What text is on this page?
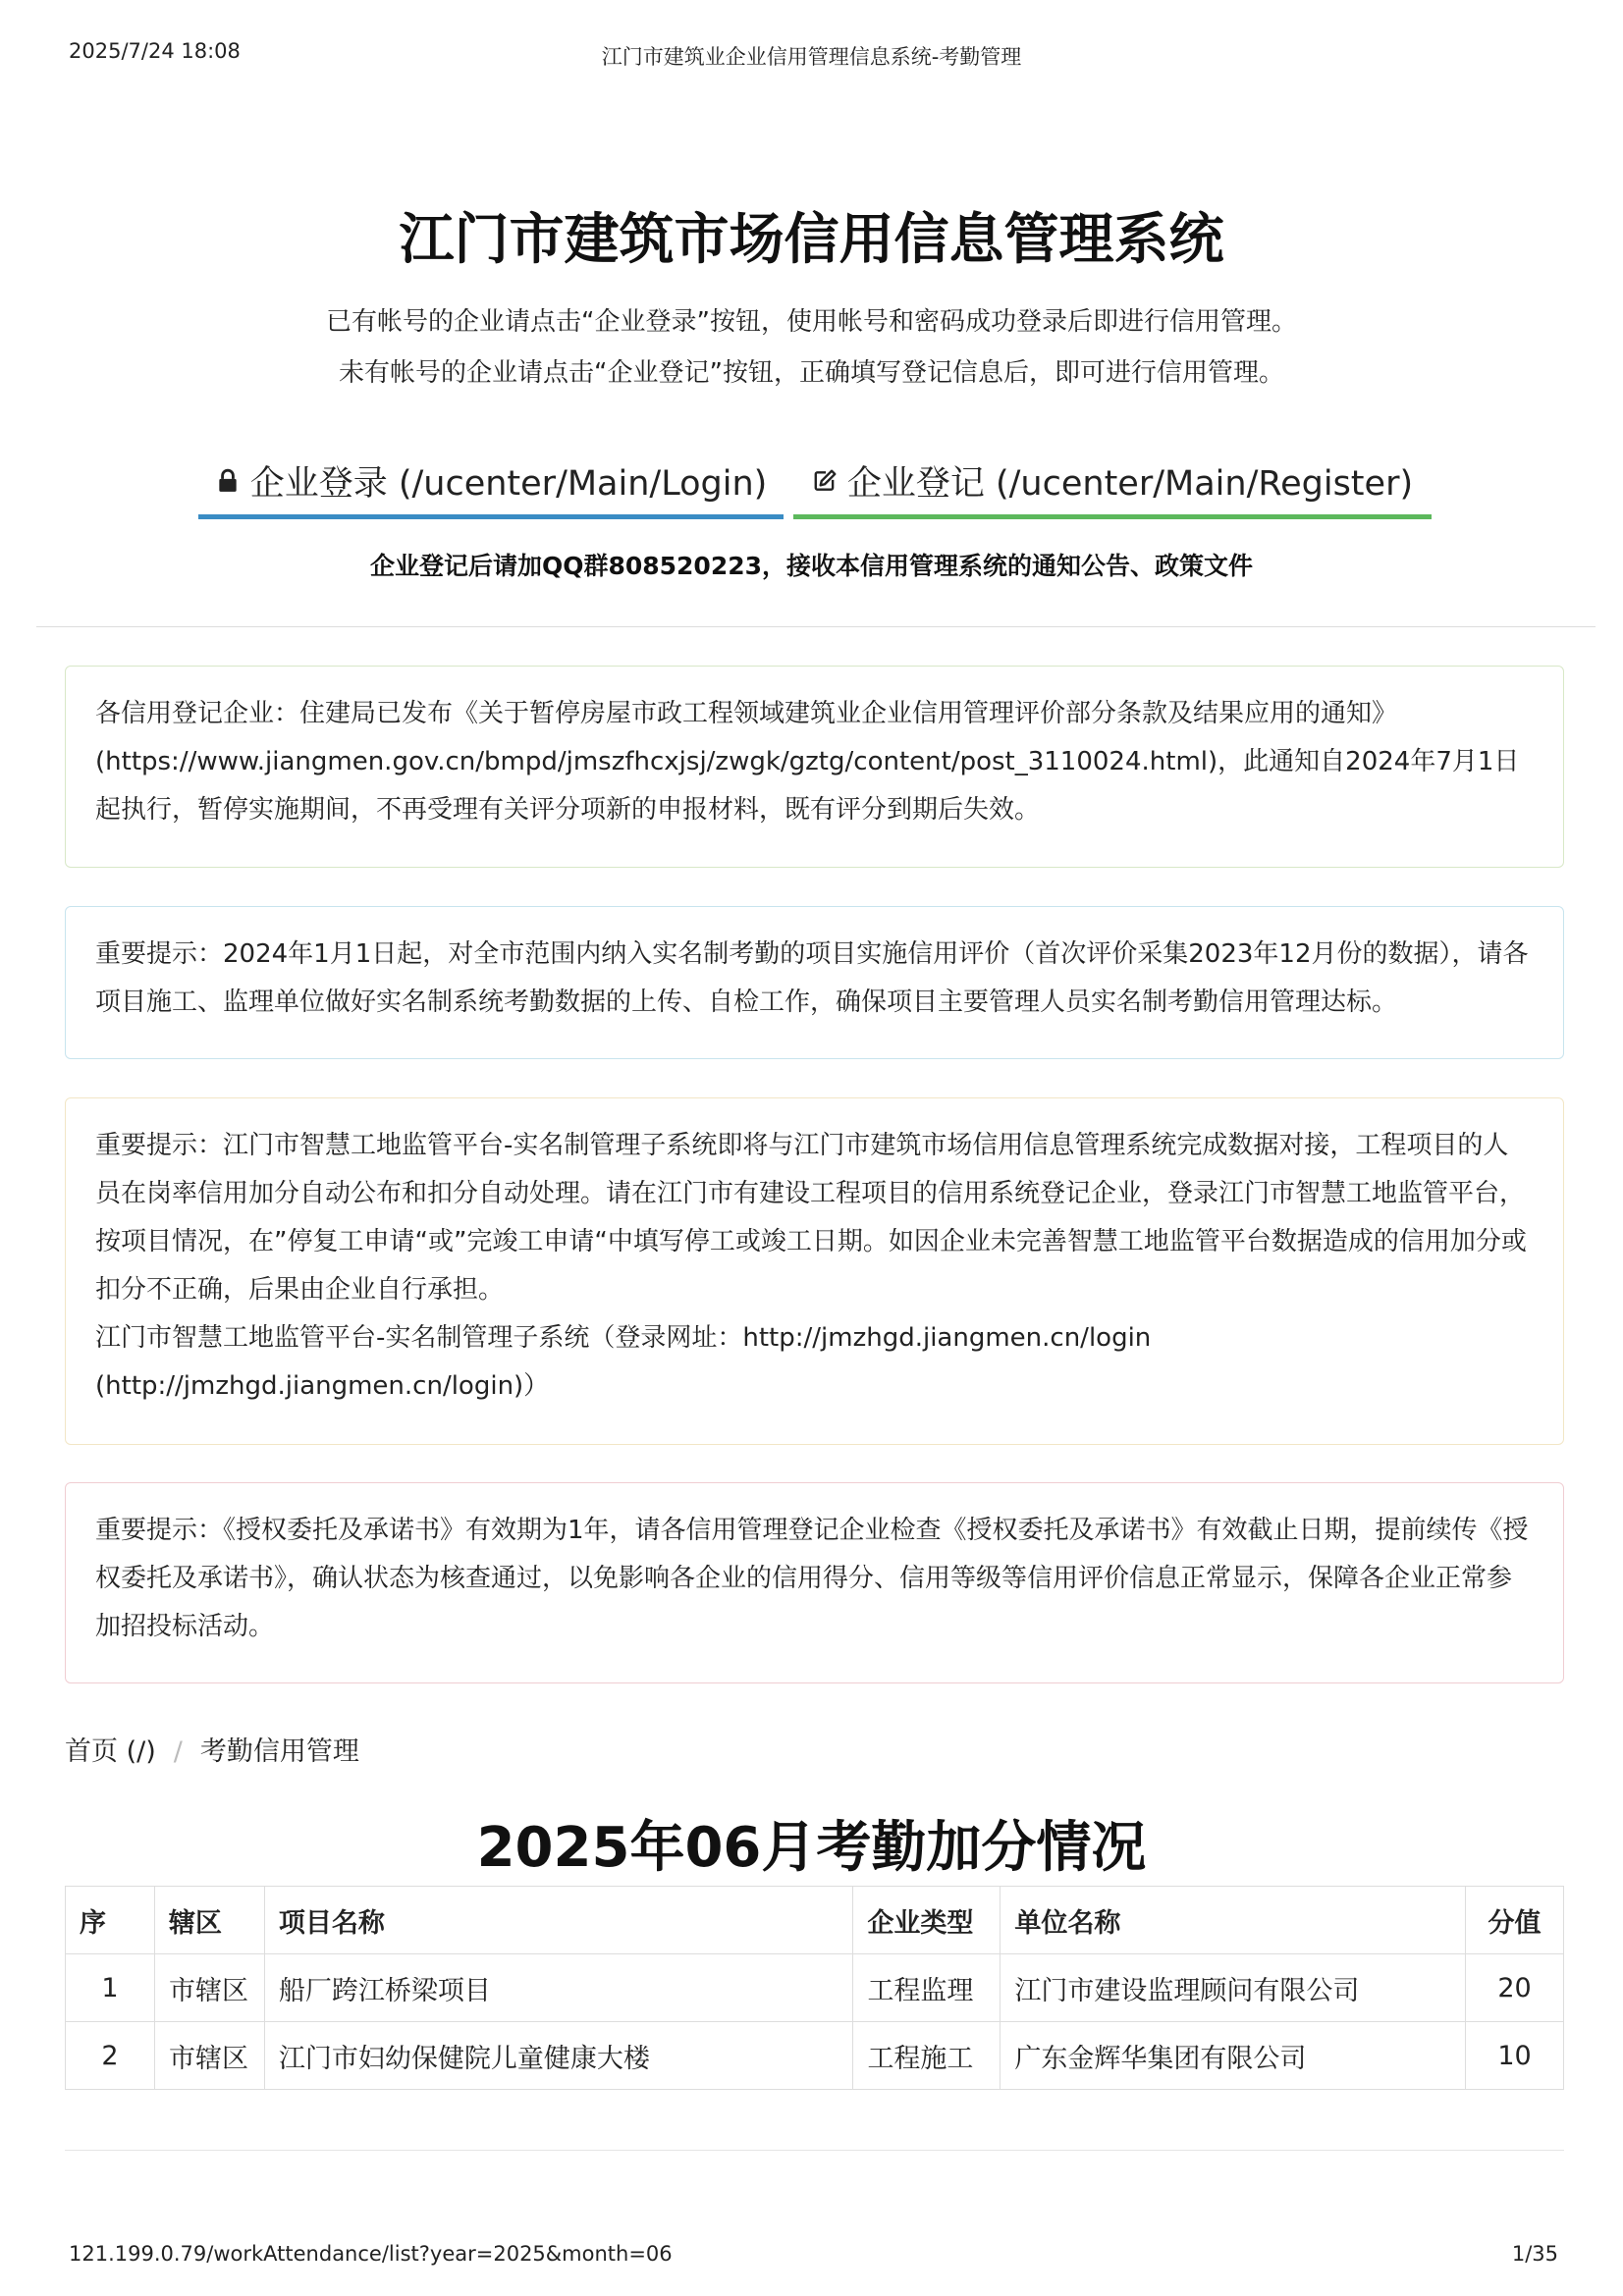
2025/7/24 18:08	江门市建筑业企业信用管理信息系统-考勤管理
江门市建筑市场信用信息管理系统
已有帐号的企业请点击“企业登录”按钮，使用帐号和密码成功登录后即进行信用管理。
未有帐号的企业请点击“企业登记”按钮，正确填写登记信息后，即可进行信用管理。
企业登录 (/ucenter/Main/Login) 企业登记 (/ucenter/Main/Register)
企业登记后请加QQ群808520223，接收本信用管理系统的通知公告、政策文件

各信用登记企业：住建局已发布《关于暂停房屋市政工程领域建筑业企业信用管理评价部分条款及结果应用的通知》(https://www.jiangmen.gov.cn/bmpd/jmszfhcxjsj/zwgk/gztg/content/post_3110024.html)，此通知自2024年7月1日起执行，暂停实施期间，不再受理有关评分项新的申报材料，既有评分到期后失效。

重要提示：2024年1月1日起，对全市范围内纳入实名制考勤的项目实施信用评价（首次评价采集2023年12月份的数据），请各项目施工、监理单位做好实名制系统考勤数据的上传、自检工作，确保项目主要管理人员实名制考勤信用管理达标。

重要提示：江门市智慧工地监管平台-实名制管理子系统即将与江门市建筑市场信用信息管理系统完成数据对接，工程项目的人员在岗率信用加分自动公布和扣分自动处理。请在江门市有建设工程项目的信用系统登记企业，登录江门市智慧工地监管平台，按项目情况，在”停复工申请“或”完竣工申请“中填写停工或竣工日期。如因企业未完善智慧工地监管平台数据造成的信用加分或扣分不正确，后果由企业自行承担。

江门市智慧工地监管平台-实名制管理子系统（登录网址：http://jmzhgd.jiangmen.cn/login (http://jmzhgd.jiangmen.cn/login)）

重要提示：《授权委托及承诺书》有效期为1年，请各信用管理登记企业检查《授权委托及承诺书》有效截止日期，提前续传《授权委托及承诺书》，确认状态为核查通过，以免影响各企业的信用得分、信用等级等信用评价信息正常显示，保障各企业正常参加招投标活动。

首页 (/) / 考勤信用管理
2025年06月考勤加分情况
序	辖区	项目名称	企业类型	单位名称	分值
1	市辖区	船厂跨江桥梁项目	工程监理	江门市建设监理顾问有限公司	20
2	市辖区	江门市妇幼保健院儿童健康大楼	工程施工	广东金辉华集团有限公司	10
121.199.0.79/workAttendance/list?year=2025&month=06	1/35
